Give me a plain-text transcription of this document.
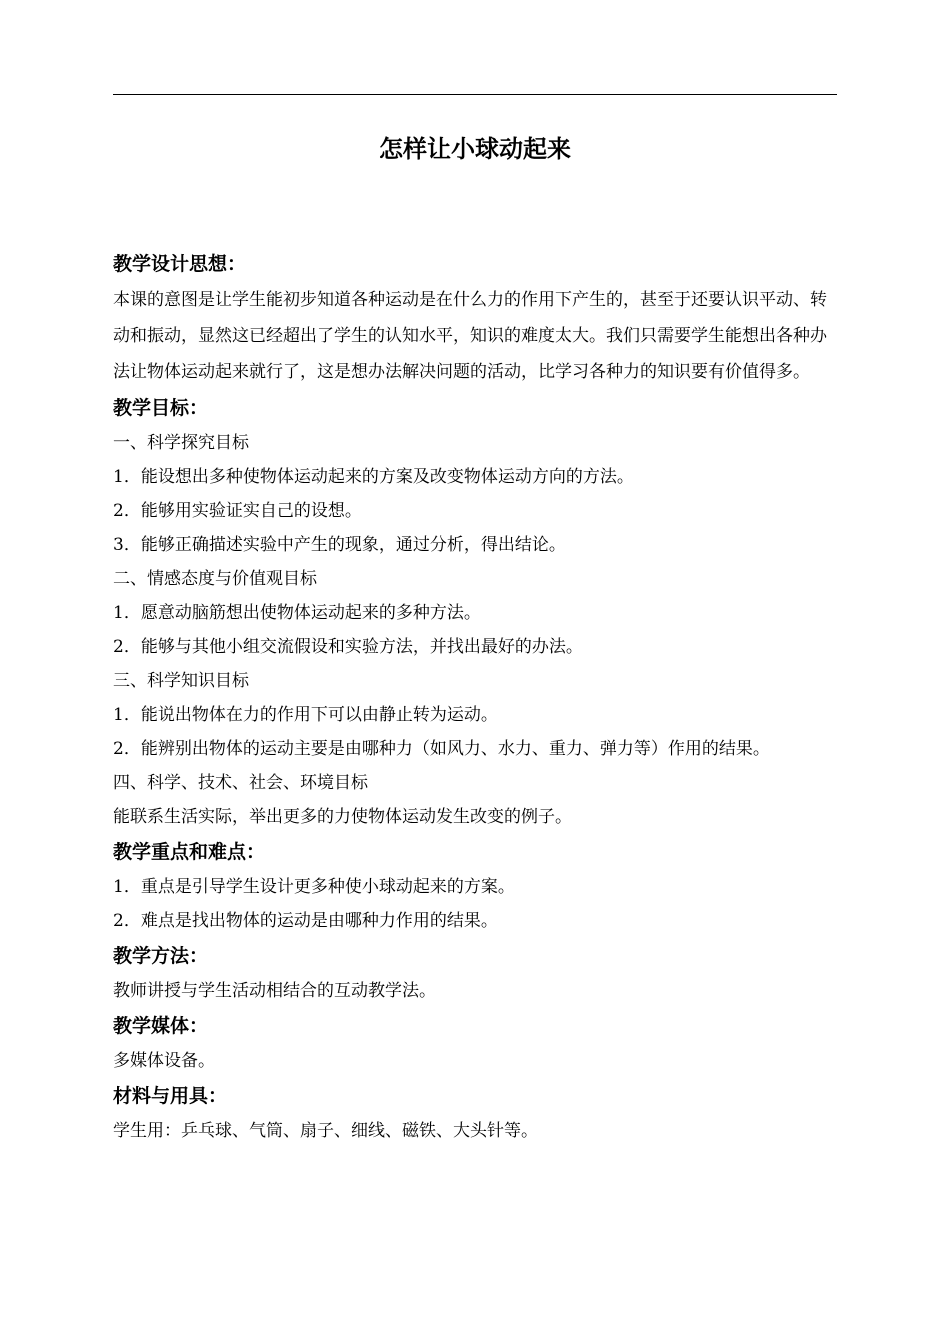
怎样让小球动起来
教学设计思想：

本课的意图是让学生能初步知道各种运动是在什么力的作用下产生的，甚至于还要认识平动、转动和振动，显然这已经超出了学生的认知水平，知识的难度太大。我们只需要学生能想出各种办法让物体运动起来就行了，这是想办法解决问题的活动，比学习各种力的知识要有价值得多。

教学目标：
一、科学探究目标
1．能设想出多种使物体运动起来的方案及改变物体运动方向的方法。
2．能够用实验证实自己的设想。
3．能够正确描述实验中产生的现象，通过分析，得出结论。
二、情感态度与价值观目标
1．愿意动脑筋想出使物体运动起来的多种方法。
2．能够与其他小组交流假设和实验方法，并找出最好的办法。
三、科学知识目标
1．能说出物体在力的作用下可以由静止转为运动。
2．能辨别出物体的运动主要是由哪种力（如风力、水力、重力、弹力等）作用的结果。
四、科学、技术、社会、环境目标
能联系生活实际，举出更多的力使物体运动发生改变的例子。
教学重点和难点：
1．重点是引导学生设计更多种使小球动起来的方案。
2．难点是找出物体的运动是由哪种力作用的结果。
教学方法：
教师讲授与学生活动相结合的互动教学法。
教学媒体：
多媒体设备。
材料与用具：
学生用：乒乓球、气筒、扇子、细线、磁铁、大头针等。
